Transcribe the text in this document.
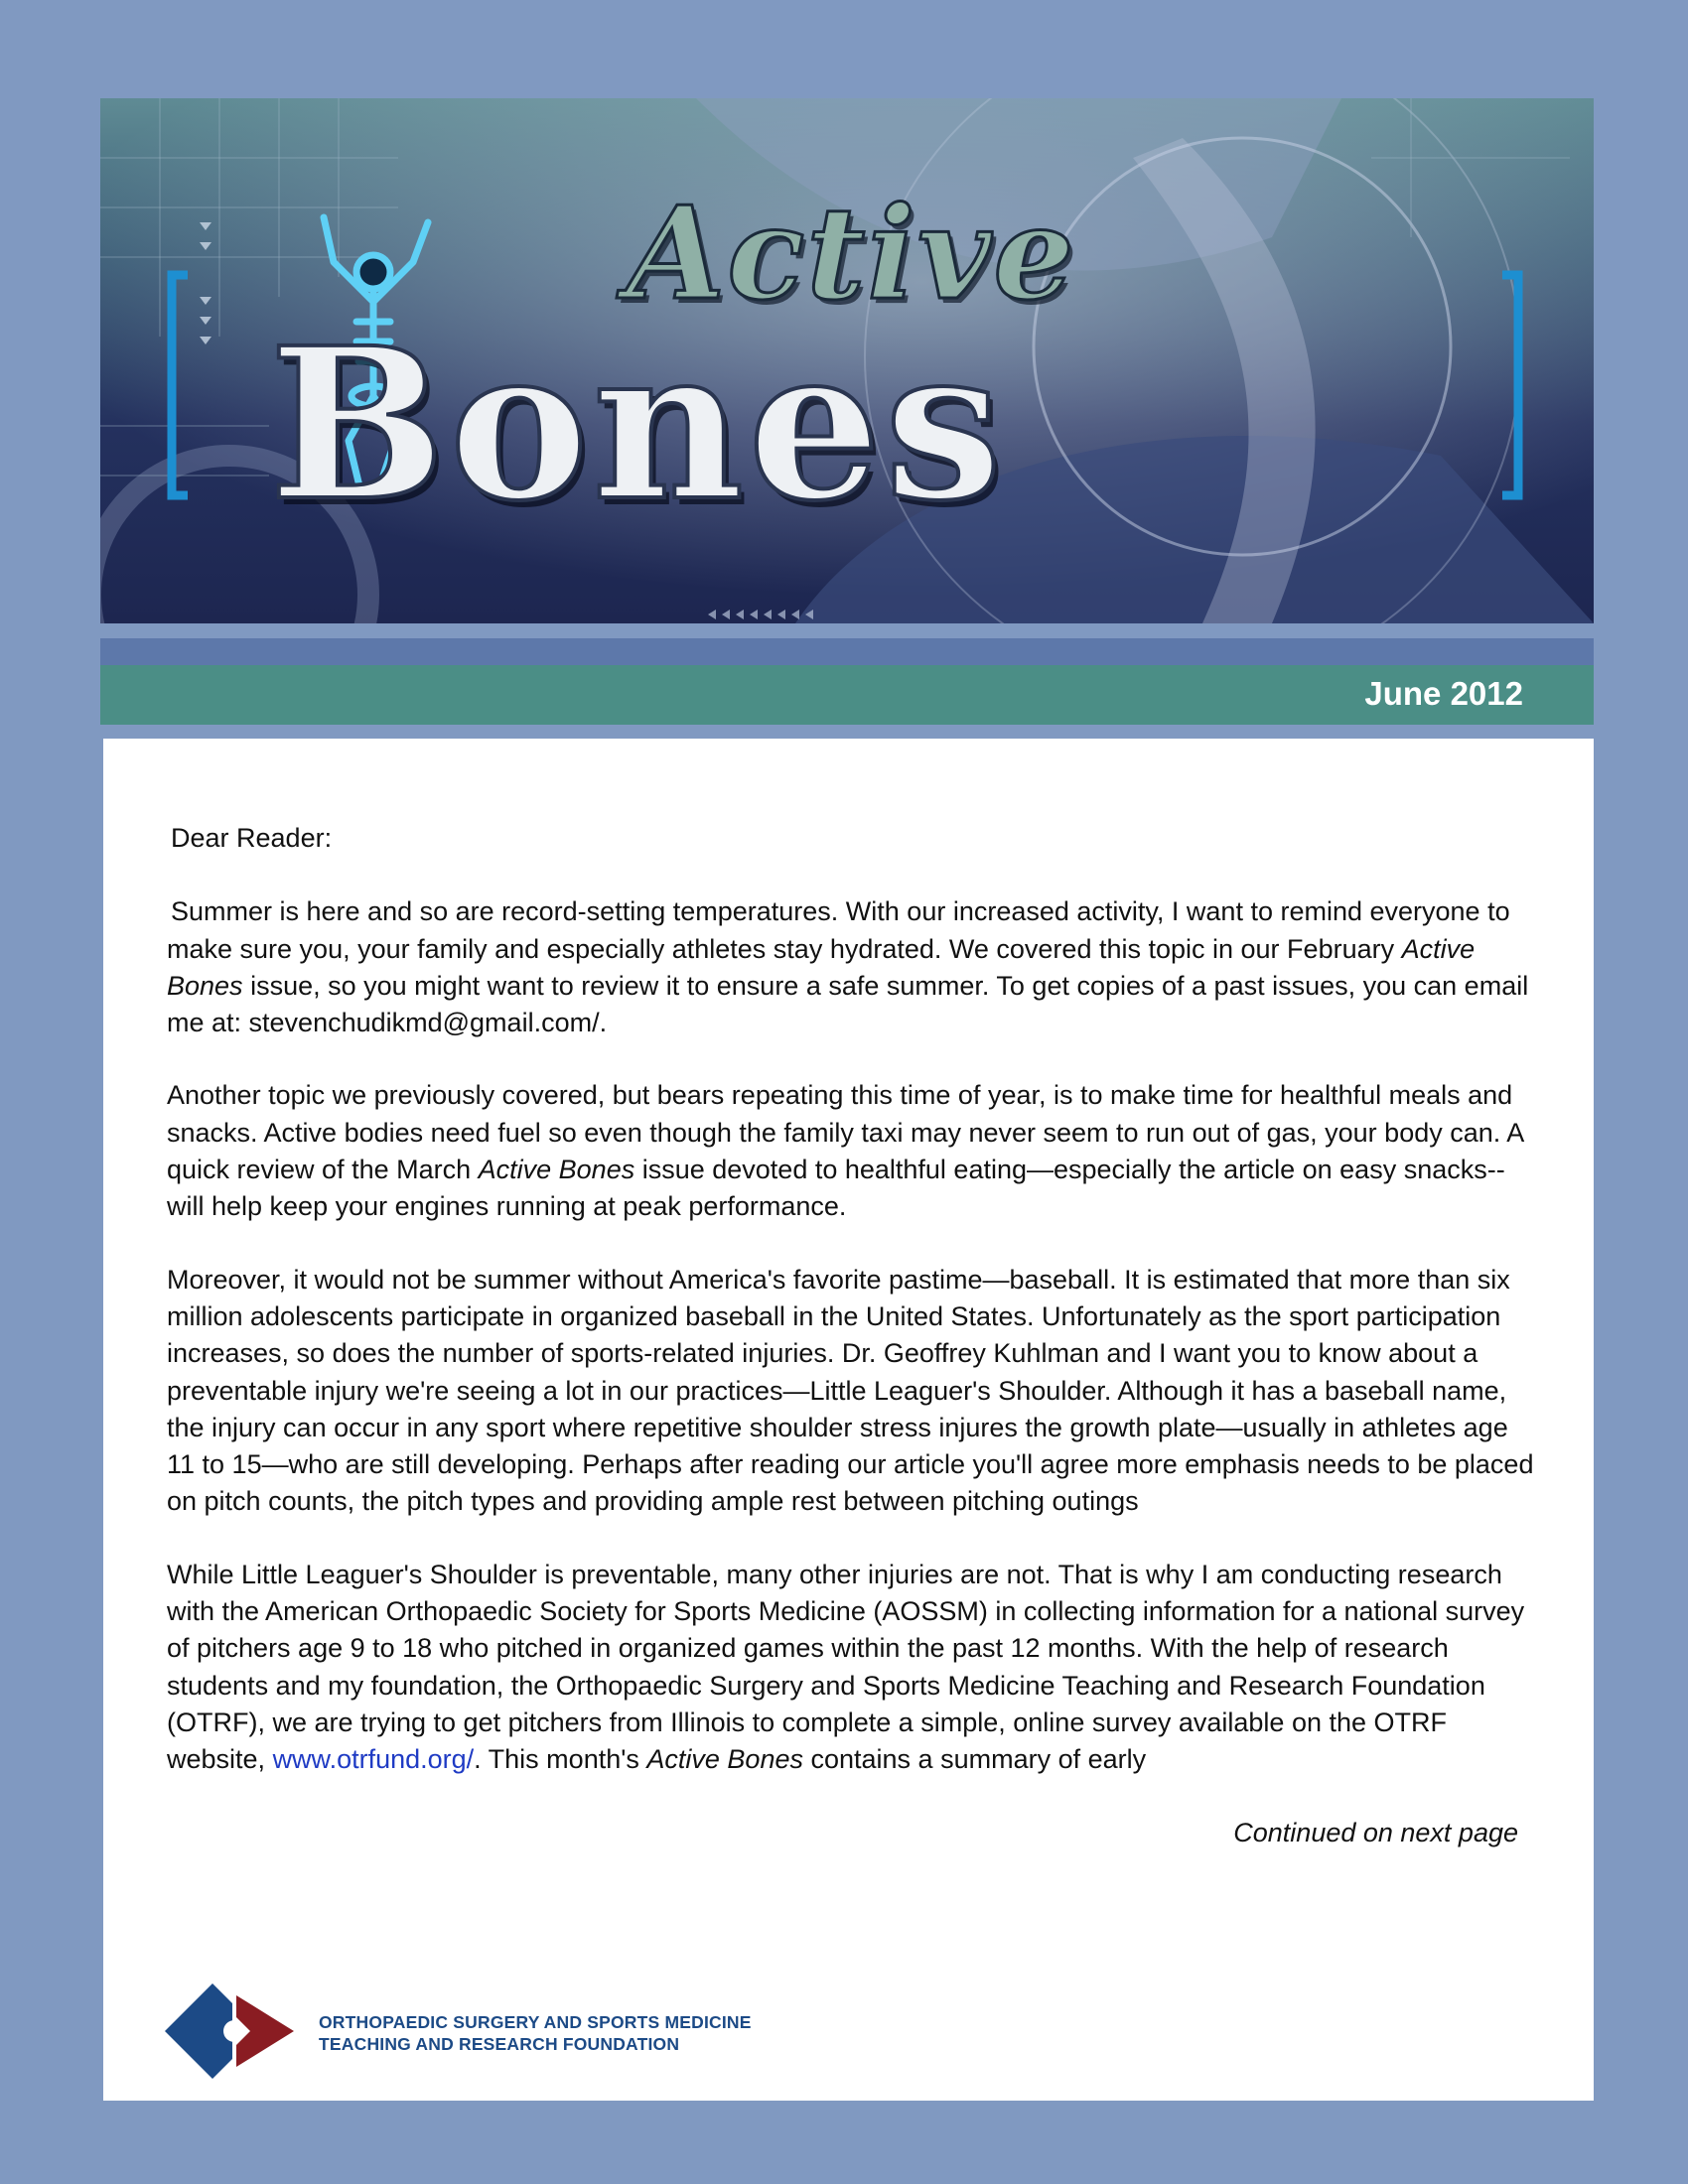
Active
Bones
June 2012

Dear Reader:

Summer is here and so are record-setting temperatures. With our increased activity, I want to remind everyone to make sure you, your family and especially athletes stay hydrated. We covered this topic in our February Active Bones issue, so you might want to review it to ensure a safe summer. To get copies of a past issues, you can email me at: stevenchudikmd@gmail.com/.

Another topic we previously covered, but bears repeating this time of year, is to make time for healthful meals and snacks. Active bodies need fuel so even though the family taxi may never seem to run out of gas, your body can. A quick review of the March Active Bones issue devoted to healthful eating—especially the article on easy snacks--will help keep your engines running at peak performance.

Moreover, it would not be summer without America's favorite pastime—baseball. It is estimated that more than six million adolescents participate in organized baseball in the United States. Unfortunately as the sport participation increases, so does the number of sports-related injuries. Dr. Geoffrey Kuhlman and I want you to know about a preventable injury we're seeing a lot in our practices—Little Leaguer's Shoulder. Although it has a baseball name, the injury can occur in any sport where repetitive shoulder stress injures the growth plate—usually in athletes age 11 to 15—who are still developing. Perhaps after reading our article you'll agree more emphasis needs to be placed on pitch counts, the pitch types and providing ample rest between pitching outings

While Little Leaguer's Shoulder is preventable, many other injuries are not. That is why I am conducting research with the American Orthopaedic Society for Sports Medicine (AOSSM) in collecting information for a national survey of pitchers age 9 to 18 who pitched in organized games within the past 12 months. With the help of research students and my foundation, the Orthopaedic Surgery and Sports Medicine Teaching and Research Foundation (OTRF), we are trying to get pitchers from Illinois to complete a simple, online survey available on the OTRF website, www.otrfund.org/. This month's Active Bones contains a summary of early

Continued on next page
ORTHOPAEDIC SURGERY AND SPORTS MEDICINE
TEACHING AND RESEARCH FOUNDATION
